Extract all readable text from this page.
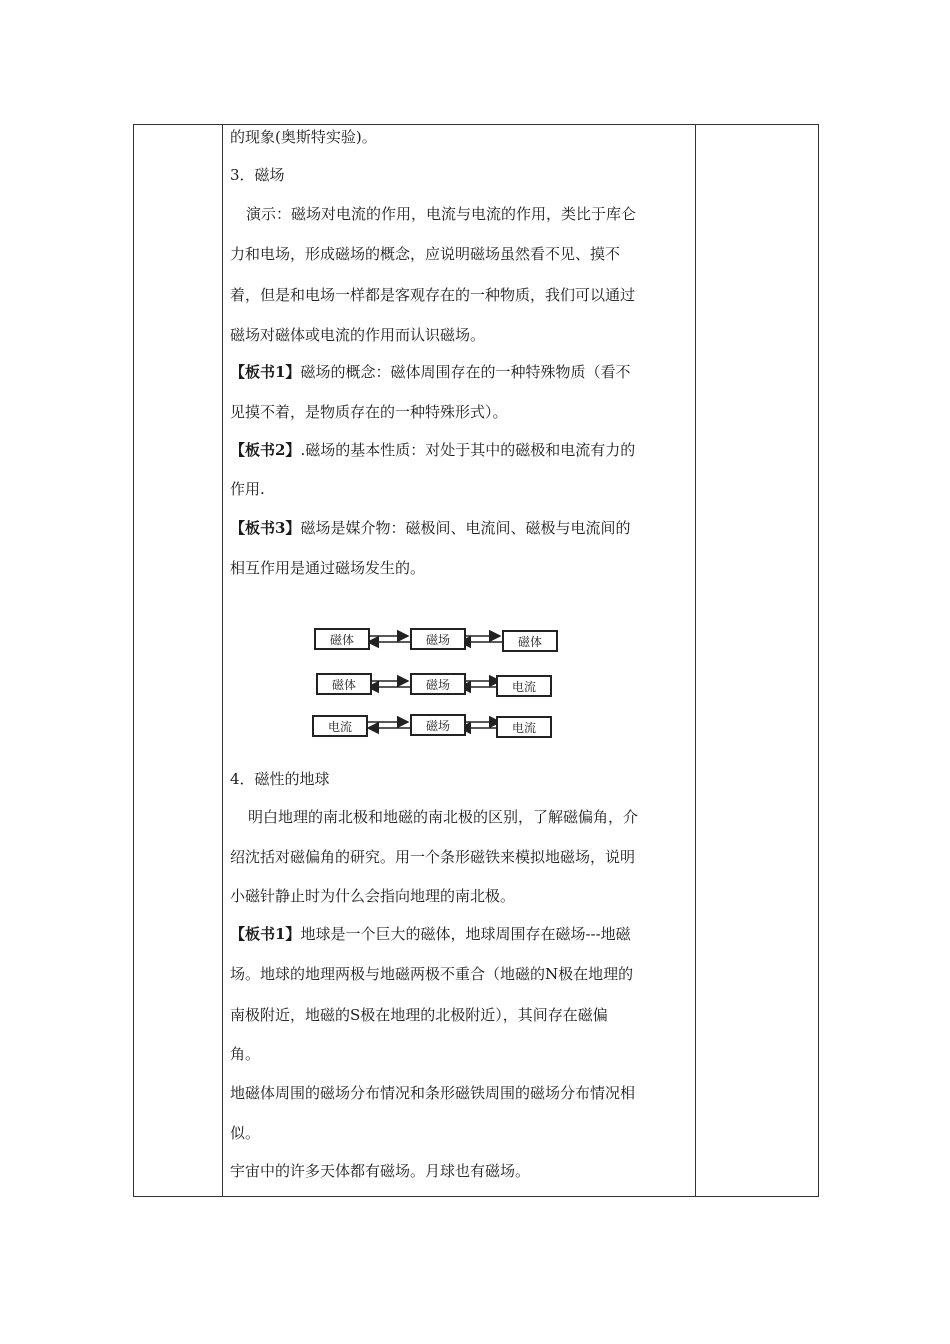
的现象(奥斯特实验)。
3．磁场
演示：磁场对电流的作用，电流与电流的作用，类比于库仑
力和电场，形成磁场的概念，应说明磁场虽然看不见、摸不
着，但是和电场一样都是客观存在的一种物质，我们可以通过
磁场对磁体或电流的作用而认识磁场。
【板书1】磁场的概念：磁体周围存在的一种特殊物质（看不
见摸不着，是物质存在的一种特殊形式）。
【板书2】.磁场的基本性质：对处于其中的磁极和电流有力的
作用.
【板书3】磁场是媒介物：磁极间、电流间、磁极与电流间的
相互作用是通过磁场发生的。
磁体	磁场	磁体
磁体	磁场	电流
电流	磁场	电流
4．磁性的地球
明白地理的南北极和地磁的南北极的区别，了解磁偏角，介
绍沈括对磁偏角的研究。用一个条形磁铁来模拟地磁场，说明
小磁针静止时为什么会指向地理的南北极。
【板书1】地球是一个巨大的磁体，地球周围存在磁场---地磁
场。地球的地理两极与地磁两极不重合（地磁的N极在地理的
南极附近，地磁的S极在地理的北极附近），其间存在磁偏
角。
地磁体周围的磁场分布情况和条形磁铁周围的磁场分布情况相
似。
宇宙中的许多天体都有磁场。月球也有磁场。
